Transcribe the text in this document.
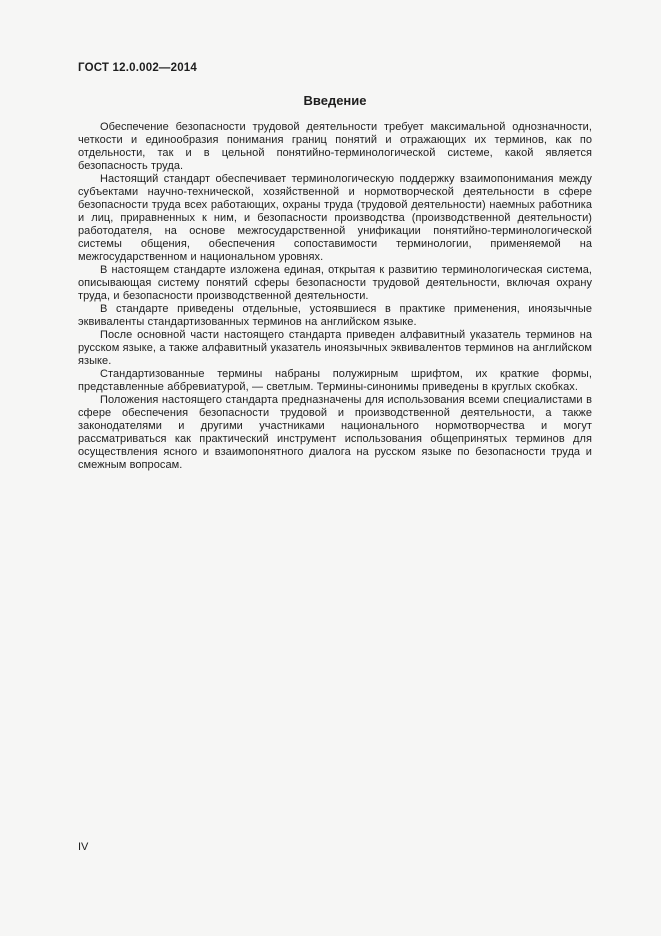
ГОСТ 12.0.002—2014
Введение

Обеспечение безопасности трудовой деятельности требует максимальной однозначности, четкости и единообразия понимания границ понятий и отражающих их терминов, как по отдельности, так и в цельной понятийно-терминологической системе, какой является безопасность труда.

Настоящий стандарт обеспечивает терминологическую поддержку взаимопонимания между субъектами научно-технической, хозяйственной и нормотворческой деятельности в сфере безопасности труда всех работающих, охраны труда (трудовой деятельности) наемных работника и лиц, приравненных к ним, и безопасности производства (производственной деятельности) работодателя, на основе межгосударственной унификации понятийно-терминологической системы общения, обеспечения сопоставимости терминологии, применяемой на межгосударственном и национальном уровнях.

В настоящем стандарте изложена единая, открытая к развитию терминологическая система, описывающая систему понятий сферы безопасности трудовой деятельности, включая охрану труда, и безопасности производственной деятельности.

В стандарте приведены отдельные, устоявшиеся в практике применения, иноязычные эквиваленты стандартизованных терминов на английском языке.

После основной части настоящего стандарта приведен алфавитный указатель терминов на русском языке, а также алфавитный указатель иноязычных эквивалентов терминов на английском языке.

Стандартизованные термины набраны полужирным шрифтом, их краткие формы, представленные аббревиатурой, — светлым. Термины-синонимы приведены в круглых скобках.

Положения настоящего стандарта предназначены для использования всеми специалистами в сфере обеспечения безопасности трудовой и производственной деятельности, а также законодателями и другими участниками национального нормотворчества и могут рассматриваться как практический инструмент использования общепринятых терминов для осуществления ясного и взаимопонятного диалога на русском языке по безопасности труда и смежным вопросам.

IV
